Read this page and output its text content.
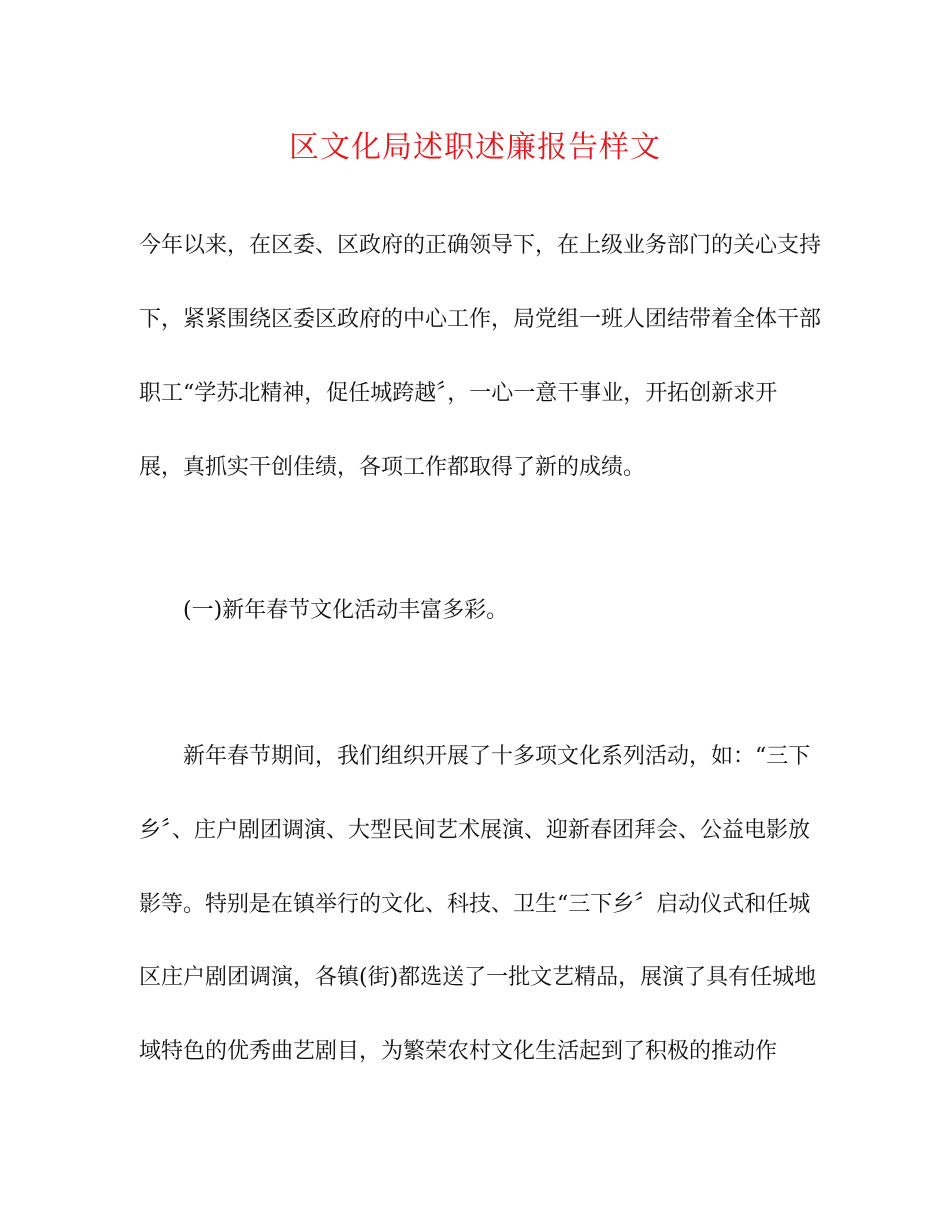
区文化局述职述廉报告样文
今年以来，在区委、区政府的正确领导下，在上级业务部门的关心支持
下，紧紧围绕区委区政府的中心工作，局党组一班人团结带着全体干部
职工“学苏北精神，促任城跨越〞，一心一意干事业，开拓创新求开
展，真抓实干创佳绩，各项工作都取得了新的成绩。
(一)新年春节文化活动丰富多彩。
新年春节期间，我们组织开展了十多项文化系列活动，如：“三下
乡〞、庄户剧团调演、大型民间艺术展演、迎新春团拜会、公益电影放
影等。特别是在镇举行的文化、科技、卫生“三下乡〞启动仪式和任城
区庄户剧团调演，各镇(街)都选送了一批文艺精品，展演了具有任城地
域特色的优秀曲艺剧目，为繁荣农村文化生活起到了积极的推动作
